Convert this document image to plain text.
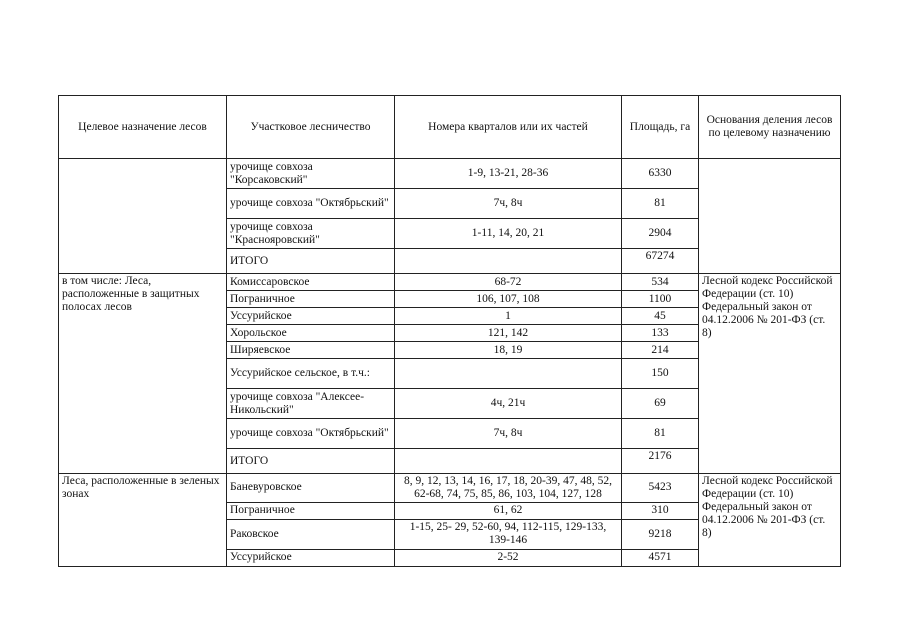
Целевое назначение лесов	Участковое лесничество	Номера кварталов или их частей	Площадь, га	Основания деления лесов по целевому назначению
	урочище совхоза "Корсаковский"	1-9, 13-21, 28-36	6330	
	урочище совхоза "Октябрьский"	7ч, 8ч	81	
	урочище совхоза "Краснояровский"	1-11, 14, 20, 21	2904	
	ИТОГО		67274	
в том числе: Леса, расположенные в защитных полосах лесов	Комиссаровское	68-72	534	Лесной кодекс Российской Федерации (ст. 10) Федеральный закон от 04.12.2006 № 201-ФЗ (ст. 8)
	Пограничное	106, 107, 108	1100	
	Уссурийское	1	45	
	Хорольское	121, 142	133	
	Ширяевское	18, 19	214	
	Уссурийское сельское, в т.ч.:		150	
	урочище совхоза "Алексее-Никольский"	4ч, 21ч	69	
	урочище совхоза "Октябрьский"	7ч, 8ч	81	
	ИТОГО		2176	
Леса, расположенные в зеленых зонах	Баневуровское	8, 9, 12, 13, 14, 16, 17, 18, 20-39, 47, 48, 52, 62-68, 74, 75, 85, 86, 103, 104, 127, 128	5423	Лесной кодекс Российской Федерации (ст. 10) Федеральный закон от 04.12.2006 № 201-ФЗ (ст. 8)
	Пограничное	61, 62	310	
	Раковское	1-15, 25- 29, 52-60, 94, 112-115, 129-133, 139-146	9218	
	Уссурийское	2-52	4571	
